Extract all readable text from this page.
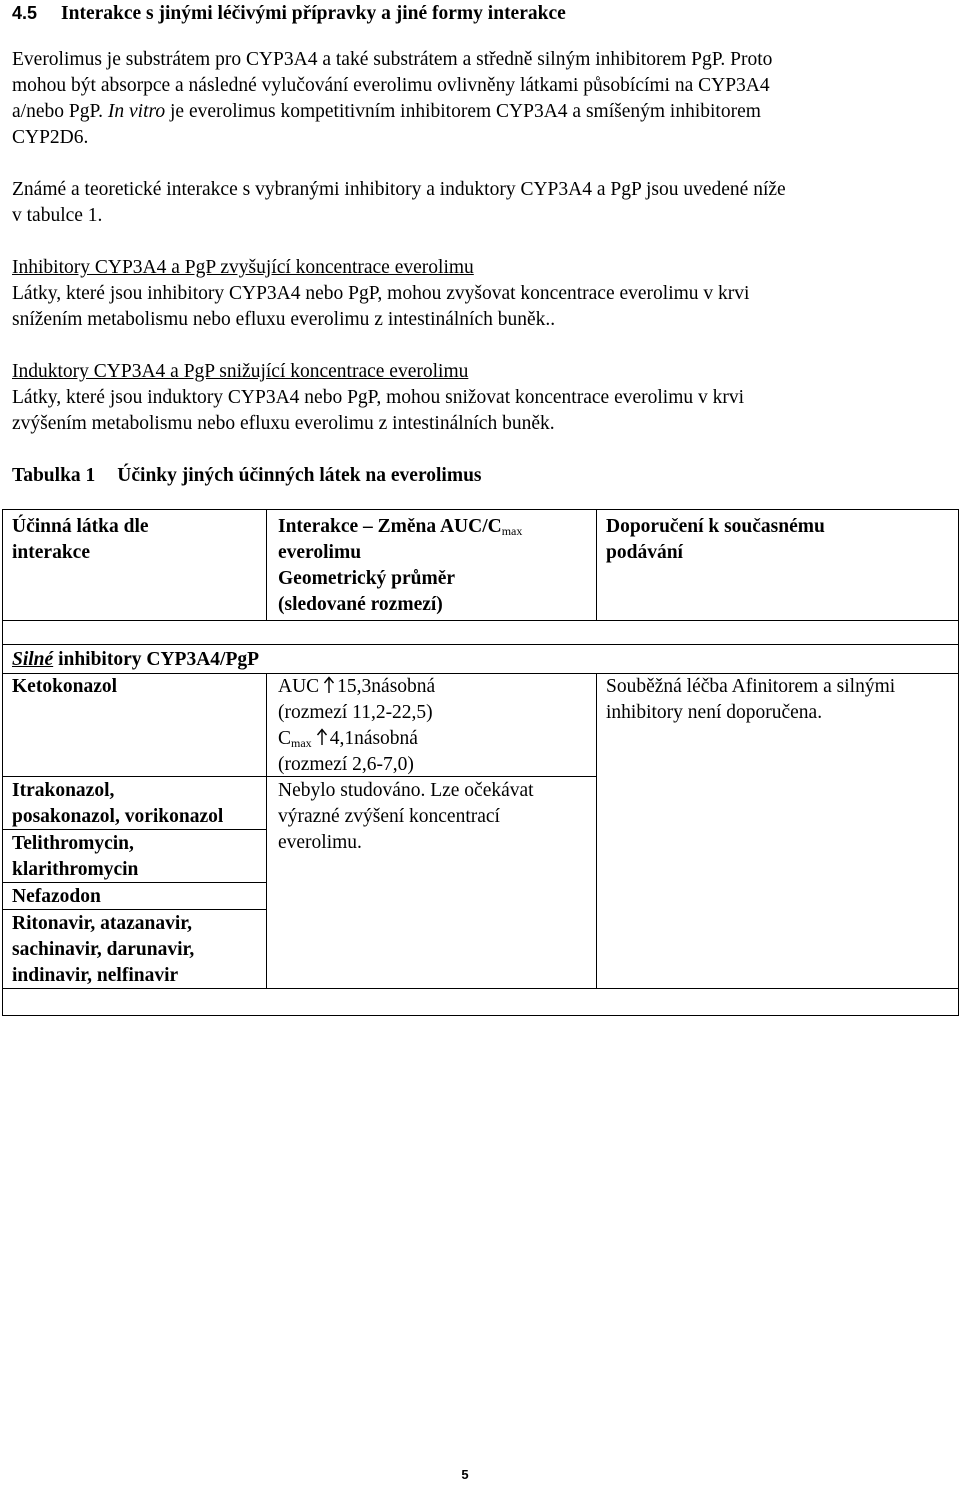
4.5 Interakce s jinými léčivými přípravky a jiné formy interakce
Everolimus je substrátem pro CYP3A4 a také substrátem a středně silným inhibitorem PgP. Proto
mohou být absorpce a následné vylučování everolimu ovlivněny látkami působícími na CYP3A4
a/nebo PgP. In vitro je everolimus kompetitivním inhibitorem CYP3A4 a smíšeným inhibitorem
CYP2D6.
Známé a teoretické interakce s vybranými inhibitory a induktory CYP3A4 a PgP jsou uvedené níže
v tabulce 1.
Inhibitory CYP3A4 a PgP zvyšující koncentrace everolimu
Látky, které jsou inhibitory CYP3A4 nebo PgP, mohou zvyšovat koncentrace everolimu v krvi
snížením metabolismu nebo efluxu everolimu z intestinálních buněk..
Induktory CYP3A4 a PgP snižující koncentrace everolimu
Látky, které jsou induktory CYP3A4 nebo PgP, mohou snižovat koncentrace everolimu v krvi
zvýšením metabolismu nebo efluxu everolimu z intestinálních buněk.
Tabulka 1 Účinky jiných účinných látek na everolimus
Účinná látka dle
interakce
Interakce – Změna AUC/$C_{max}$
everolimu
Geometrický průměr
(sledované rozmezí)
Doporučení k současnému
podávání
Silné inhibitory CYP3A4/PgP
Ketokonazol	AUC 15,3násobná
(rozmezí 11,2-22,5)
$C_{max}$ 4,1násobná
(rozmezí 2,6-7,0)
Souběžná léčba Afinitorem a silnými
inhibitory není doporučena.
Itrakonazol,
posakonazol, vorikonazol
Telithromycin,
klarithromycin
Nefazodon
Ritonavir, atazanavir,
sachinavir, darunavir,
indinavir, nelfinavir
Nebylo studováno. Lze očekávat
výrazné zvýšení koncentrací
everolimu.
5
